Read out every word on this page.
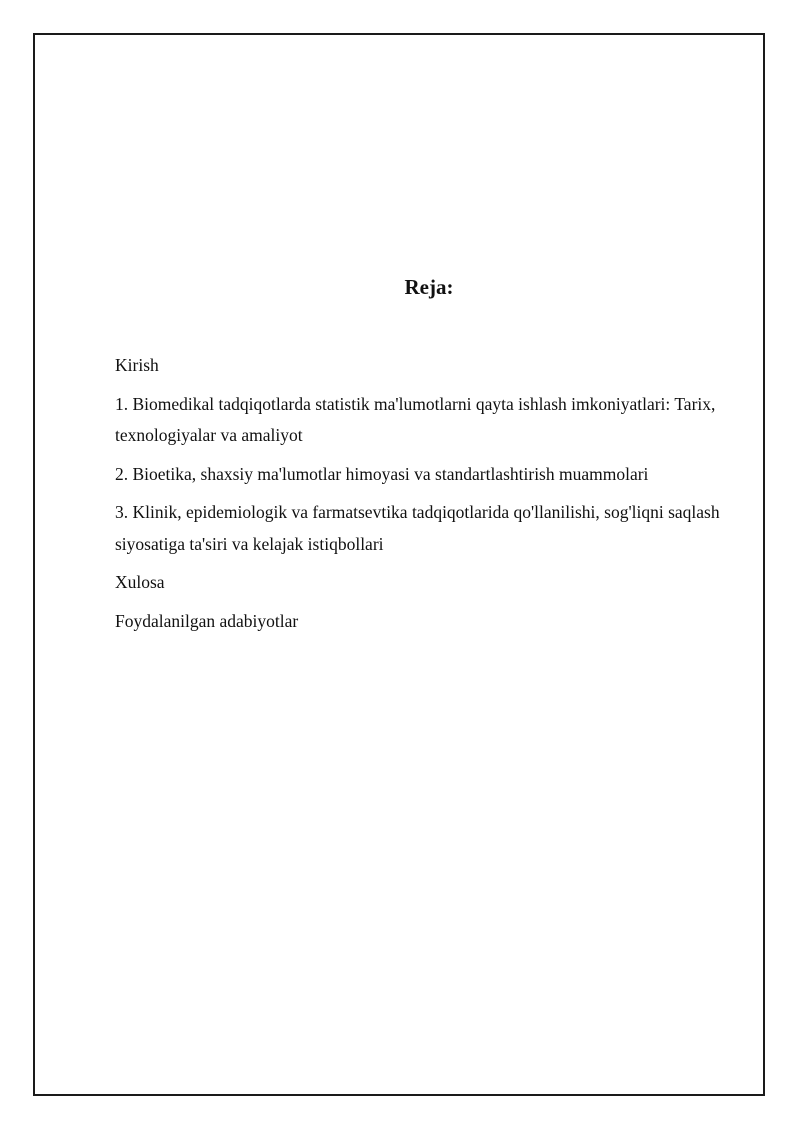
Reja:

Kirish

1. Biomedikal tadqiqotlarda statistik ma'lumotlarni qayta ishlash imkoniyatlari: Tarix, texnologiyalar va amaliyot

2. Bioetika, shaxsiy ma'lumotlar himoyasi va standartlashtirish muammolari

3. Klinik, epidemiologik va farmatsevtika tadqiqotlarida qo'llanilishi, sog'liqni saqlash siyosatiga ta'siri va kelajak istiqbollari

Xulosa

Foydalanilgan adabiyotlar
